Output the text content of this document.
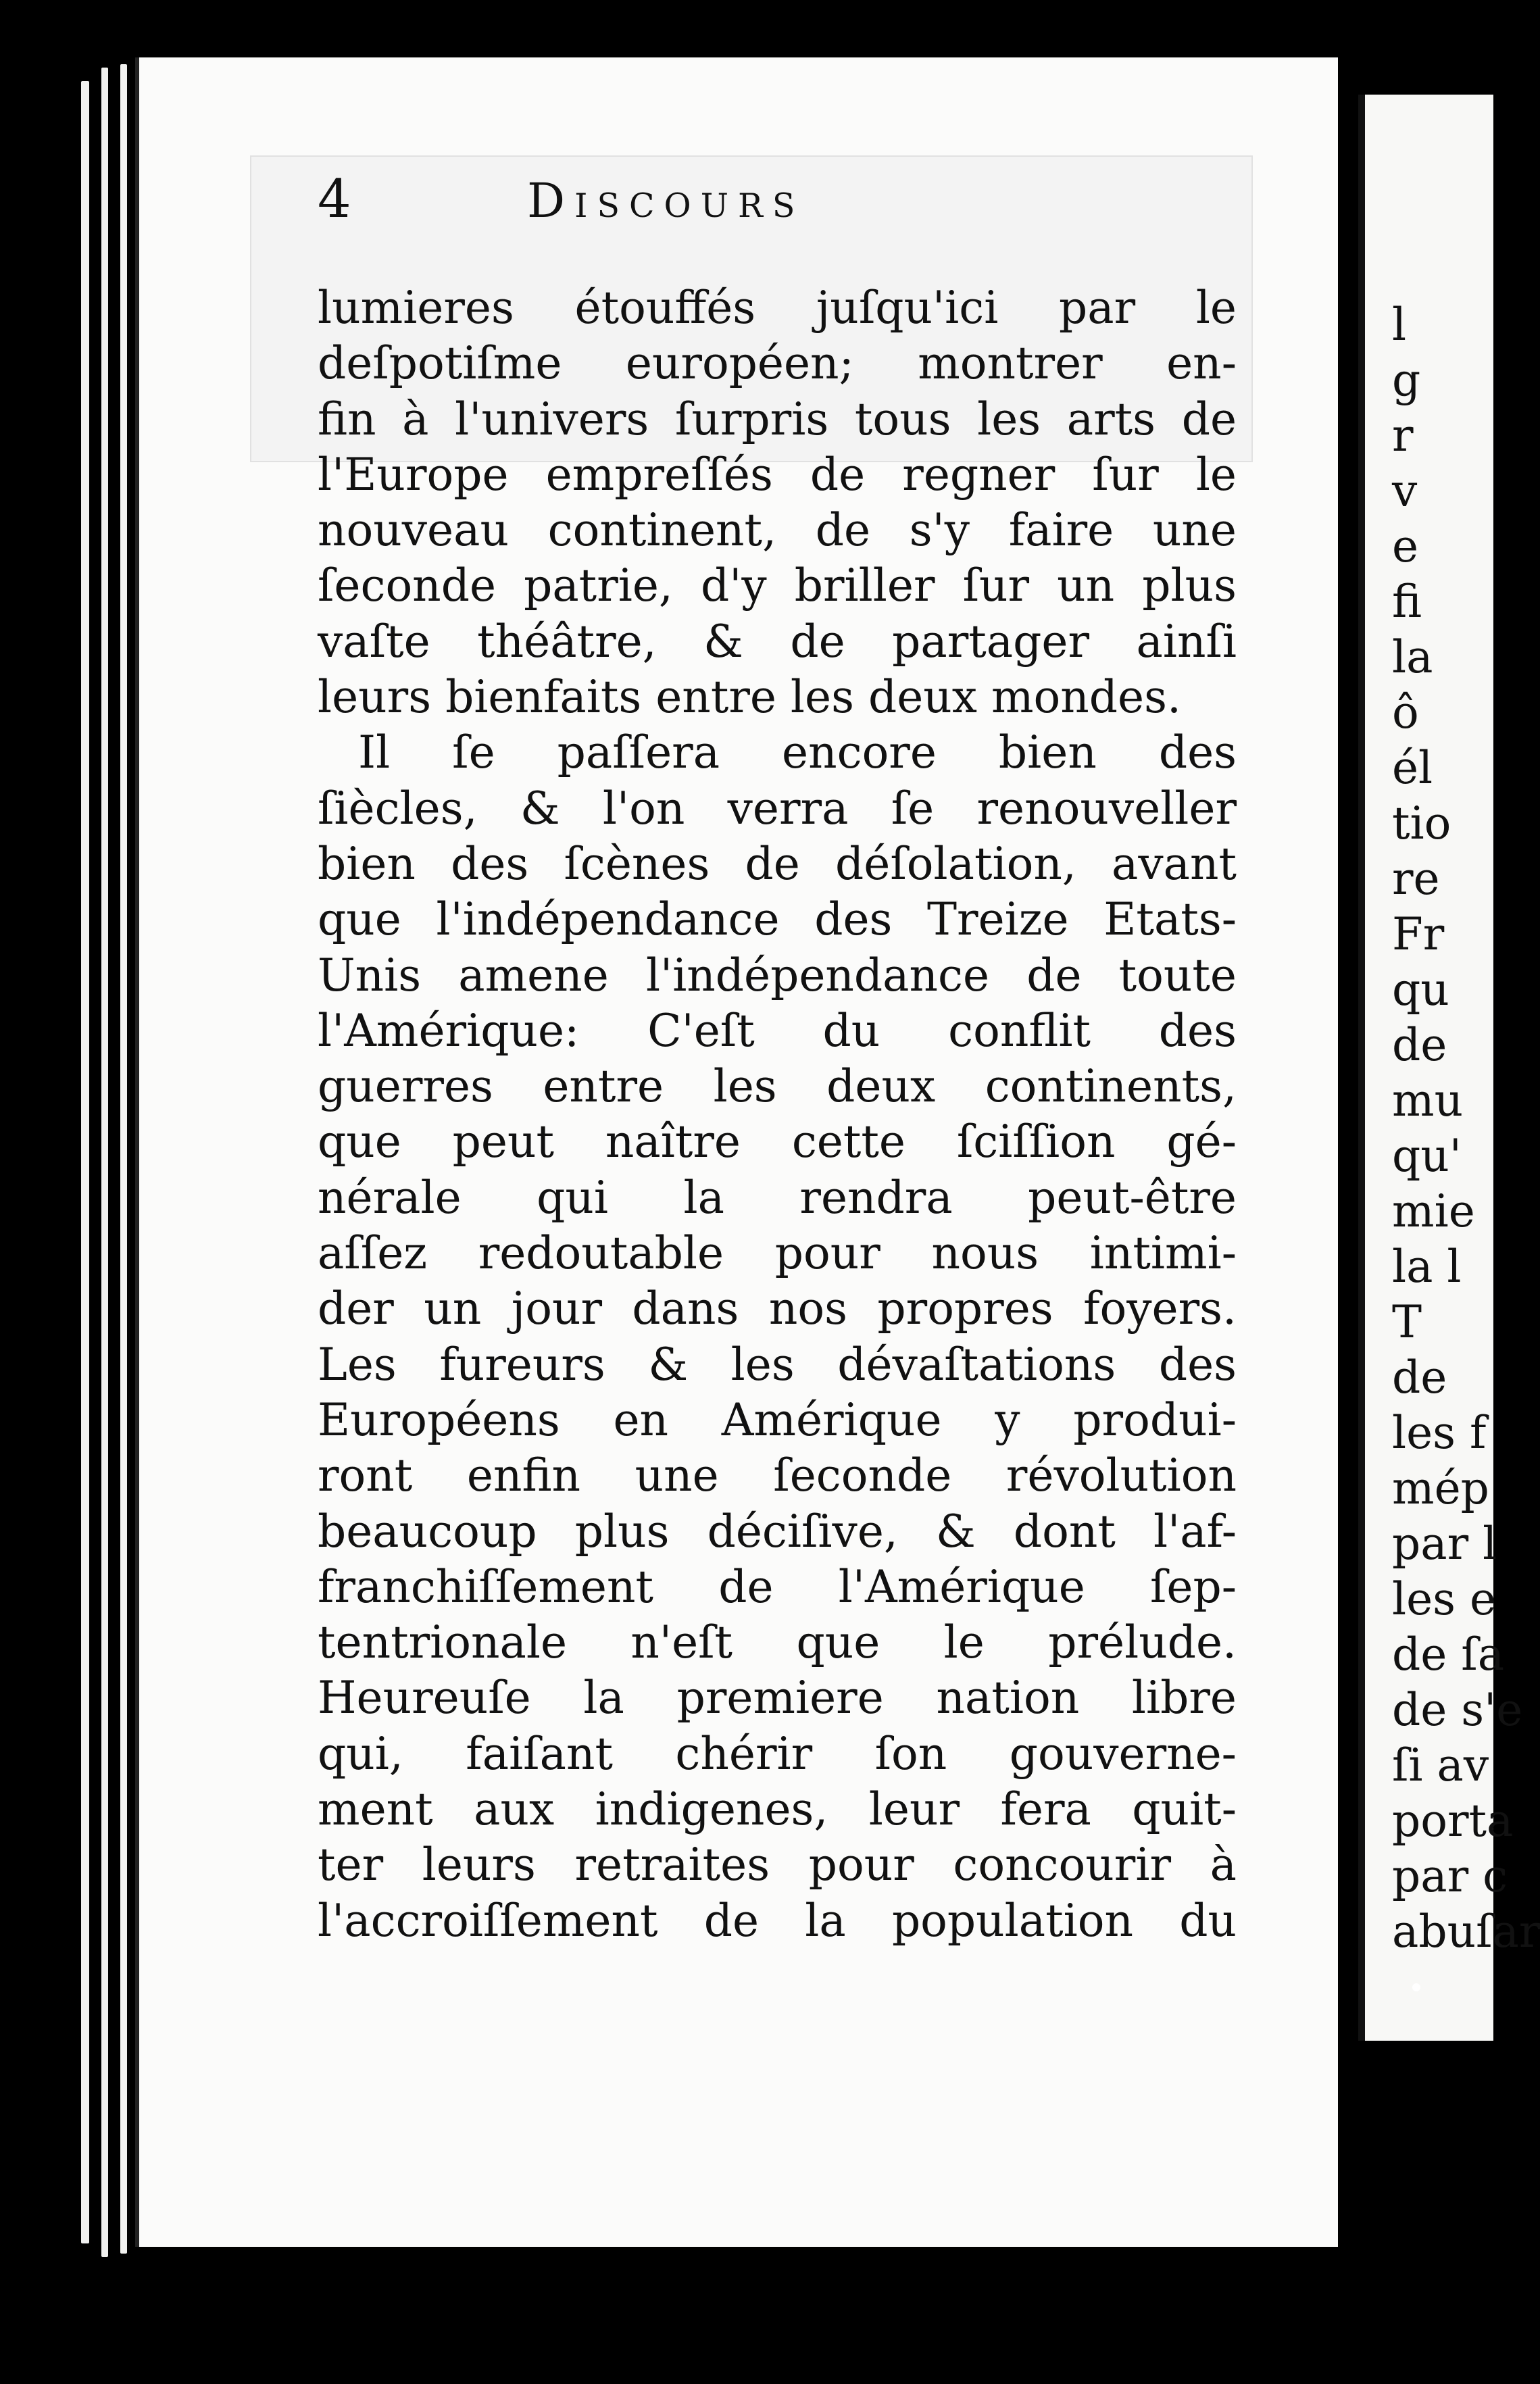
4	Discours
lumieres étouffés juſqu'ici par le
deſpotiſme européen; montrer en-
fin à l'univers ſurpris tous les arts de
l'Europe empreſſés de regner ſur le
nouveau continent, de s'y faire une
ſeconde patrie, d'y briller ſur un plus
vaſte théâtre, & de partager ainſi
leurs bienfaits entre les deux mondes.
Il ſe paſſera encore bien des
ſiècles, & l'on verra ſe renouveller
bien des ſcènes de déſolation, avant
que l'indépendance des Treize Etats-
Unis amene l'indépendance de toute
l'Amérique: C'eſt du conflit des
guerres entre les deux continents,
que peut naître cette ſciſſion gé-
nérale qui la rendra peut-être
aſſez redoutable pour nous intimi-
der un jour dans nos propres foyers.
Les fureurs & les dévaſtations des
Européens en Amérique y produi-
ront enfin une ſeconde révolution
beaucoup plus déciſive, & dont l'af-
franchiſſement de l'Amérique ſep-
tentrionale n'eſt que le prélude.
Heureuſe la premiere nation libre
qui, faiſant chérir ſon gouverne-
ment aux indigenes, leur fera quit-
ter leurs retraites pour concourir à
l'accroiſſement de la population du
l
g
r
v
e
fi
la
ô
él
tio
re
Fr
qu
de
mu
qu'
mie
la l
T
de
les f
mép
par l
les e
de ſa
de s'e
ſi av
porta
par c
abuſar
